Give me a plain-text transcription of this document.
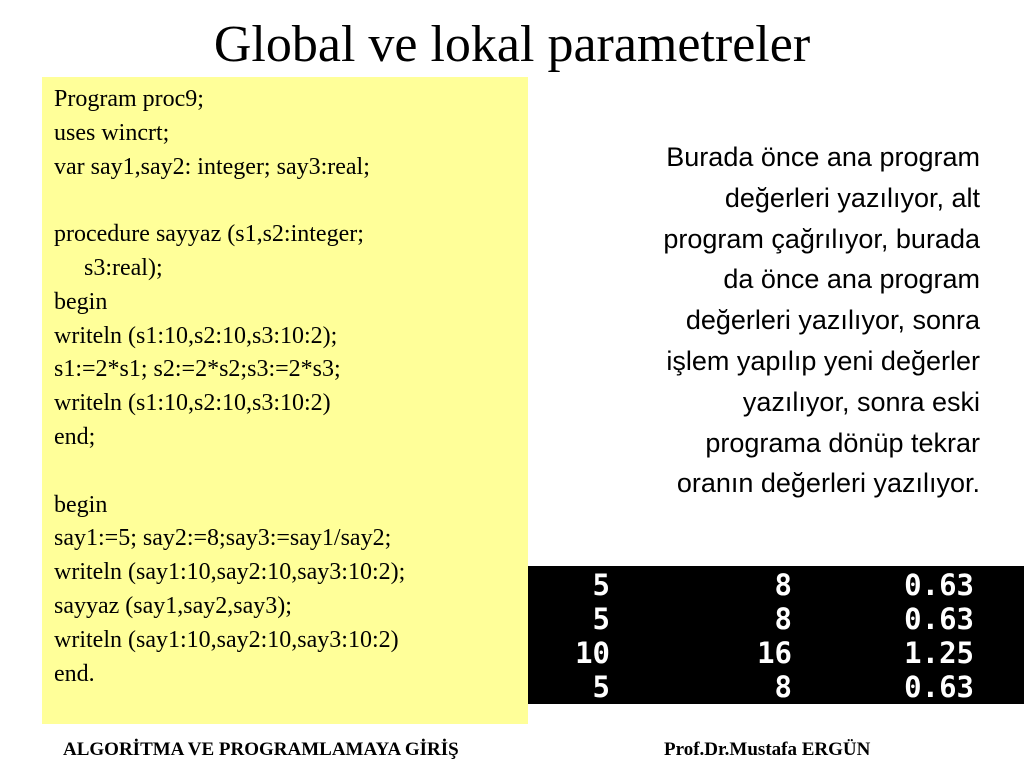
Global ve lokal parametreler
Program proc9;
uses wincrt;
var say1,say2: integer; say3:real;
procedure sayyaz (s1,s2:integer;
s3:real);
begin
writeln (s1:10,s2:10,s3:10:2);
s1:=2*s1; s2:=2*s2;s3:=2*s3;
writeln (s1:10,s2:10,s3:10:2)
end;
begin
say1:=5; say2:=8;say3:=say1/say2;
writeln (say1:10,say2:10,say3:10:2);
sayyaz (say1,say2,say3);
writeln (say1:10,say2:10,say3:10:2)
end.
Burada önce ana program
değerleri yazılıyor, alt
program çağrılıyor, burada
da önce ana program
değerleri yazılıyor, sonra
işlem yapılıp yeni değerler
yazılıyor, sonra eski
programa dönüp tekrar
oranın değerleri yazılıyor.
5	8	0.63
5	8	0.63
10	16	1.25
5	8	0.63
ALGORİTMA VE PROGRAMLAMAYA GİRİŞ	Prof.Dr.Mustafa ERGÜN
